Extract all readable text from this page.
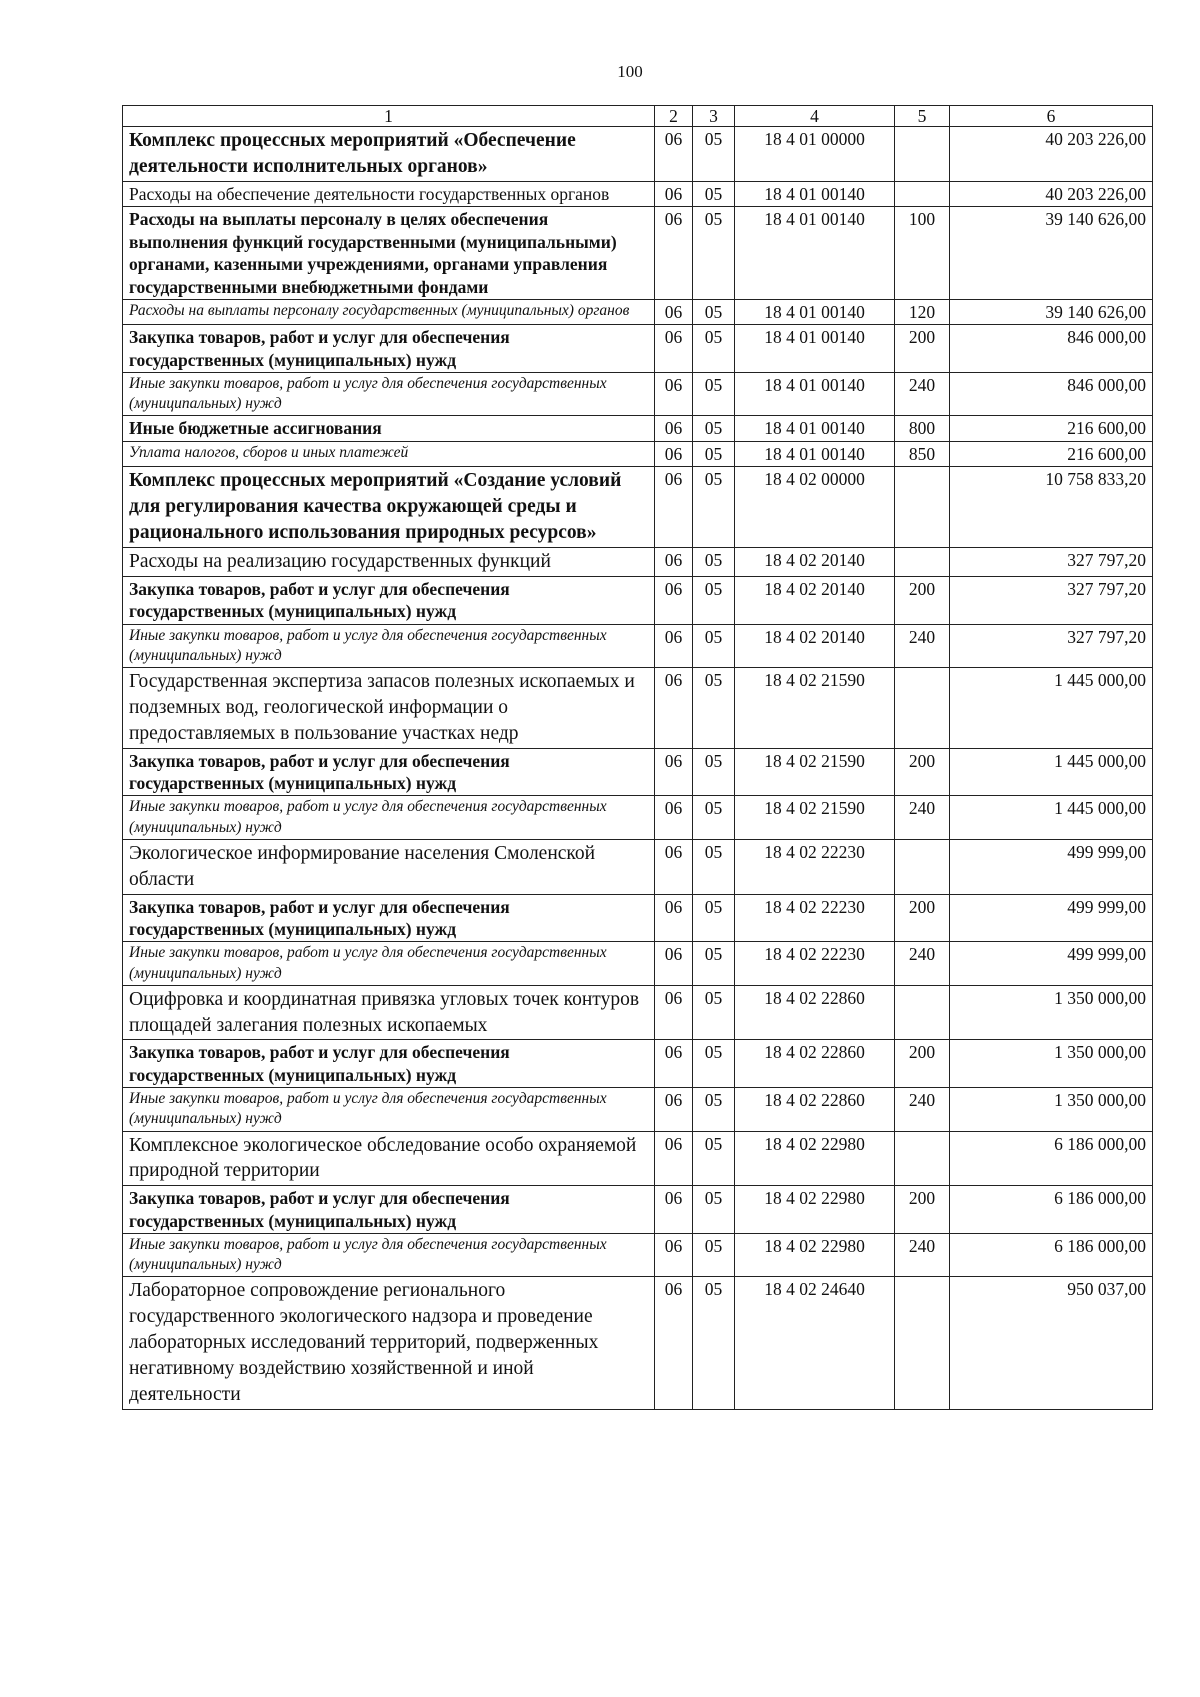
100
1	2	3	4	5	6
Комплекс процессных мероприятий «Обеспечение деятельности исполнительных органов»	06	05	18 4 01 00000		40 203 226,00
Расходы на обеспечение деятельности государственных органов	06	05	18 4 01 00140		40 203 226,00
Расходы на выплаты персоналу в целях обеспечения выполнения функций государственными (муниципальными) органами, казенными учреждениями, органами управления государственными внебюджетными фондами	06	05	18 4 01 00140	100	39 140 626,00
Расходы на выплаты персоналу государственных (муниципальных) органов	06	05	18 4 01 00140	120	39 140 626,00
Закупка товаров, работ и услуг для обеспечения государственных (муниципальных) нужд	06	05	18 4 01 00140	200	846 000,00
Иные закупки товаров, работ и услуг для обеспечения государственных (муниципальных) нужд	06	05	18 4 01 00140	240	846 000,00
Иные бюджетные ассигнования	06	05	18 4 01 00140	800	216 600,00
Уплата налогов, сборов и иных платежей	06	05	18 4 01 00140	850	216 600,00
Комплекс процессных мероприятий «Создание условий для регулирования качества окружающей среды и рационального использования природных ресурсов»	06	05	18 4 02 00000		10 758 833,20
Расходы на реализацию государственных функций	06	05	18 4 02 20140		327 797,20
Закупка товаров, работ и услуг для обеспечения государственных (муниципальных) нужд	06	05	18 4 02 20140	200	327 797,20
Иные закупки товаров, работ и услуг для обеспечения государственных (муниципальных) нужд	06	05	18 4 02 20140	240	327 797,20
Государственная экспертиза запасов полезных ископаемых и подземных вод, геологической информации о предоставляемых в пользование участках недр	06	05	18 4 02 21590		1 445 000,00
Закупка товаров, работ и услуг для обеспечения государственных (муниципальных) нужд	06	05	18 4 02 21590	200	1 445 000,00
Иные закупки товаров, работ и услуг для обеспечения государственных (муниципальных) нужд	06	05	18 4 02 21590	240	1 445 000,00
Экологическое информирование населения Смоленской области	06	05	18 4 02 22230		499 999,00
Закупка товаров, работ и услуг для обеспечения государственных (муниципальных) нужд	06	05	18 4 02 22230	200	499 999,00
Иные закупки товаров, работ и услуг для обеспечения государственных (муниципальных) нужд	06	05	18 4 02 22230	240	499 999,00
Оцифровка и координатная привязка угловых точек контуров площадей залегания полезных ископаемых	06	05	18 4 02 22860		1 350 000,00
Закупка товаров, работ и услуг для обеспечения государственных (муниципальных) нужд	06	05	18 4 02 22860	200	1 350 000,00
Иные закупки товаров, работ и услуг для обеспечения государственных (муниципальных) нужд	06	05	18 4 02 22860	240	1 350 000,00
Комплексное экологическое обследование особо охраняемой природной территории	06	05	18 4 02 22980		6 186 000,00
Закупка товаров, работ и услуг для обеспечения государственных (муниципальных) нужд	06	05	18 4 02 22980	200	6 186 000,00
Иные закупки товаров, работ и услуг для обеспечения государственных (муниципальных) нужд	06	05	18 4 02 22980	240	6 186 000,00
Лабораторное сопровождение регионального государственного экологического надзора и проведение лабораторных исследований территорий, подверженных негативному воздействию хозяйственной и иной деятельности	06	05	18 4 02 24640		950 037,00
